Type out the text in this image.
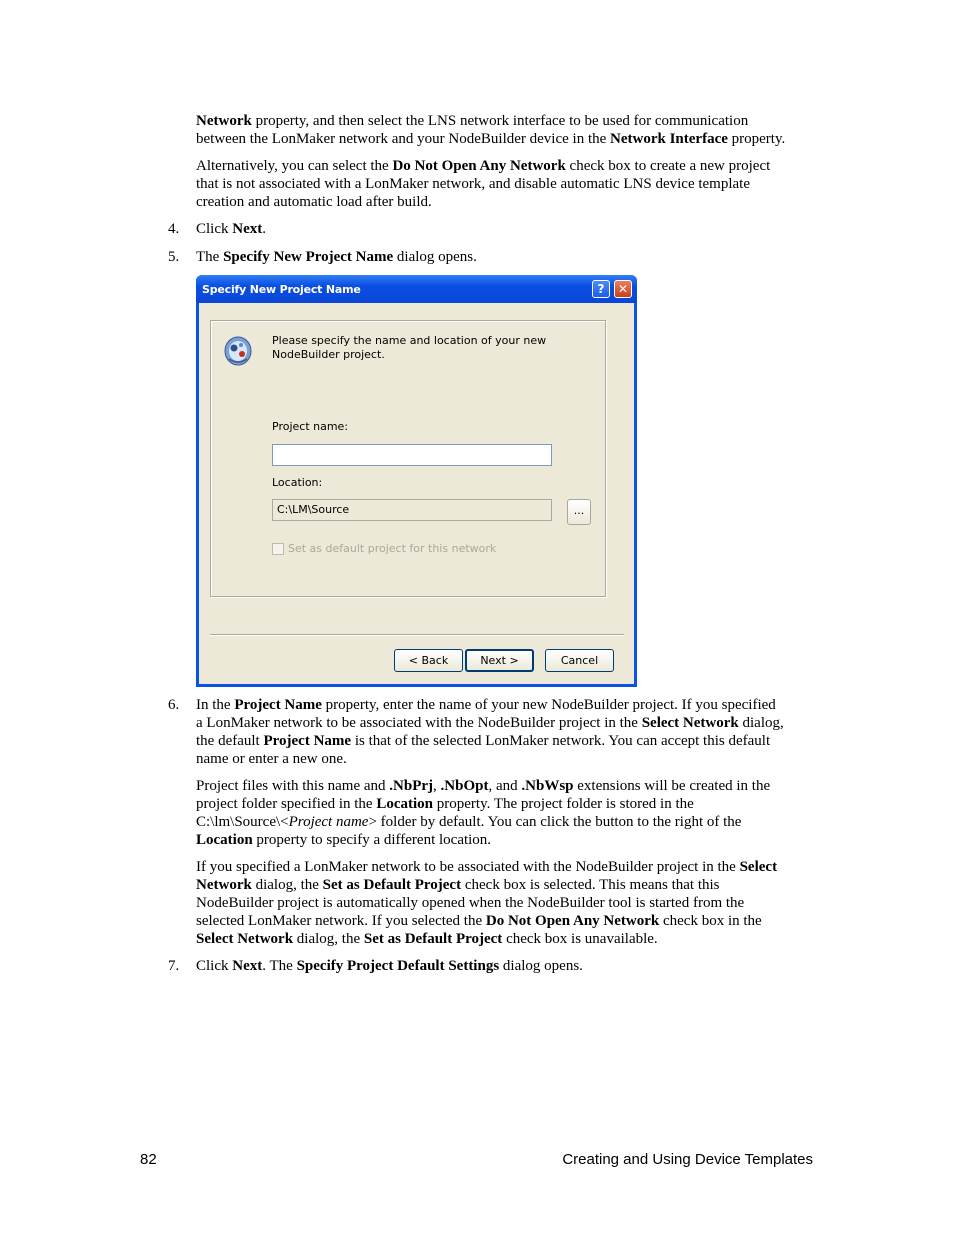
Network property, and then select the LNS network interface to be used for communication

between the LonMaker network and your NodeBuilder device in the Network Interface property.

Alternatively, you can select the Do Not Open Any Network check box to create a new project

that is not associated with a LonMaker network, and disable automatic LNS device template

creation and automatic load after build.

4. Click Next.

5. The Specify New Project Name dialog opens.

Specify New Project Name	?	✕
Please specify the name and location of your new
NodeBuilder project.
Project name:
Location:
C:\LM\Source	...
Set as default project for this network
< Back	Next >	Cancel
6. In the Project Name property, enter the name of your new NodeBuilder project. If you specified

a LonMaker network to be associated with the NodeBuilder project in the Select Network dialog,

the default Project Name is that of the selected LonMaker network. You can accept this default

name or enter a new one.

Project files with this name and .NbPrj, .NbOpt, and .NbWsp extensions will be created in the

project folder specified in the Location property. The project folder is stored in the

C:\lm\Source\<Project name> folder by default. You can click the button to the right of the

Location property to specify a different location.

If you specified a LonMaker network to be associated with the NodeBuilder project in the Select

Network dialog, the Set as Default Project check box is selected. This means that this

NodeBuilder project is automatically opened when the NodeBuilder tool is started from the

selected LonMaker network. If you selected the Do Not Open Any Network check box in the

Select Network dialog, the Set as Default Project check box is unavailable.

7. Click Next. The Specify Project Default Settings dialog opens.

82	Creating and Using Device Templates
